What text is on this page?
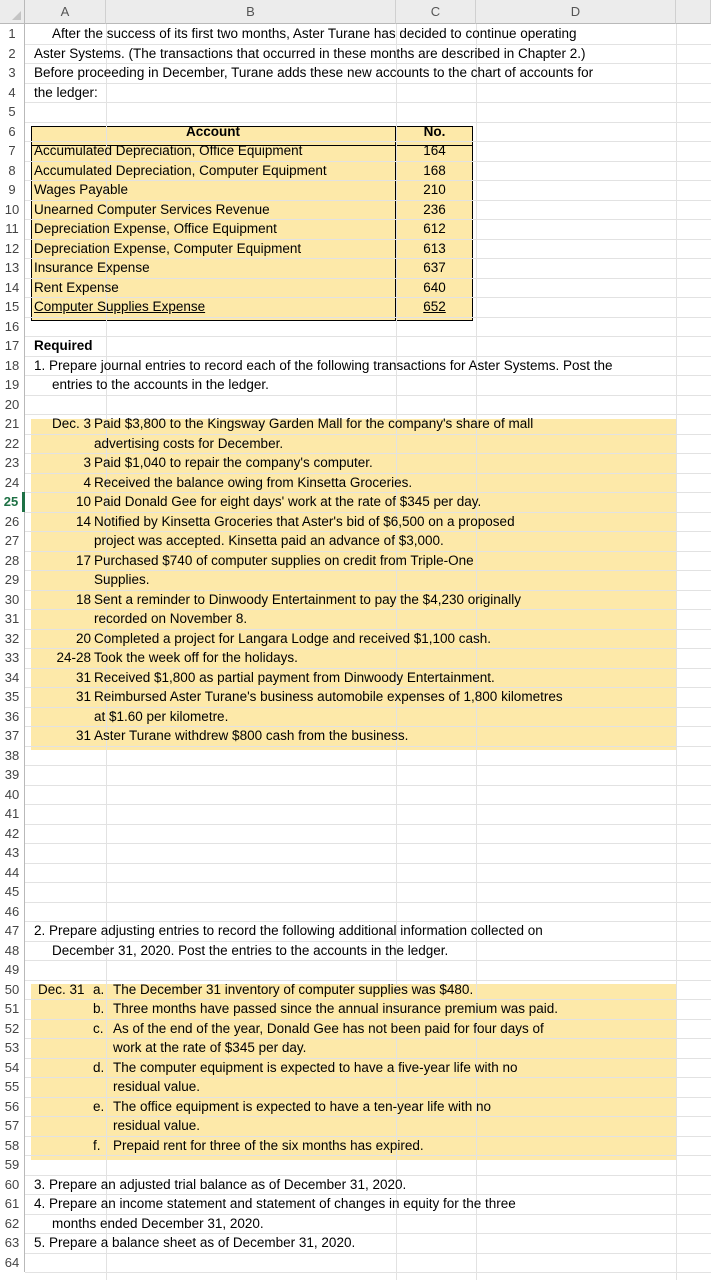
A	B	C	D
1
2
3
4
5
6
7
8
9
10
11
12
13
14
15
16
17
18
19
20
21
22
23
24
25
26
27
28
29
30
31
32
33
34
35
36
37
38
39
40
41
42
43
44
45
46
47
48
49
50
51
52
53
54
55
56
57
58
59
60
61
62
63
64
After the success of its first two months, Aster Turane has decided to continue operating
Aster Systems. (The transactions that occurred in these months are described in Chapter 2.)
Before proceeding in December, Turane adds these new accounts to the chart of accounts for
the ledger:
Account	No.
Accumulated Depreciation, Office Equipment	164
Accumulated Depreciation, Computer Equipment	168
Wages Payable	210
Unearned Computer Services Revenue	236
Depreciation Expense, Office Equipment	612
Depreciation Expense, Computer Equipment	613
Insurance Expense	637
Rent Expense	640
Computer Supplies Expense	652
Required
1. Prepare journal entries to record each of the following transactions for Aster Systems. Post the
entries to the accounts in the ledger.
Dec. 3 Paid $3,800 to the Kingsway Garden Mall for the company's share of mall
advertising costs for December.
3 Paid $1,040 to repair the company's computer.
4 Received the balance owing from Kinsetta Groceries.
10 Paid Donald Gee for eight days' work at the rate of $345 per day.
14 Notified by Kinsetta Groceries that Aster's bid of $6,500 on a proposed
project was accepted. Kinsetta paid an advance of $3,000.
17 Purchased $740 of computer supplies on credit from Triple-One
Supplies.
18 Sent a reminder to Dinwoody Entertainment to pay the $4,230 originally
recorded on November 8.
20 Completed a project for Langara Lodge and received $1,100 cash.
24-28 Took the week off for the holidays.
31 Received $1,800 as partial payment from Dinwoody Entertainment.
31 Reimbursed Aster Turane's business automobile expenses of 1,800 kilometres
at $1.60 per kilometre.
31 Aster Turane withdrew $800 cash from the business.
2. Prepare adjusting entries to record the following additional information collected on
December 31, 2020. Post the entries to the accounts in the ledger.
Dec. 31 a. The December 31 inventory of computer supplies was $480.
b. Three months have passed since the annual insurance premium was paid.
c. As of the end of the year, Donald Gee has not been paid for four days of
work at the rate of $345 per day.
d. The computer equipment is expected to have a five-year life with no
residual value.
e. The office equipment is expected to have a ten-year life with no
residual value.
f. Prepaid rent for three of the six months has expired.
3. Prepare an adjusted trial balance as of December 31, 2020.
4. Prepare an income statement and statement of changes in equity for the three
months ended December 31, 2020.
5. Prepare a balance sheet as of December 31, 2020.
